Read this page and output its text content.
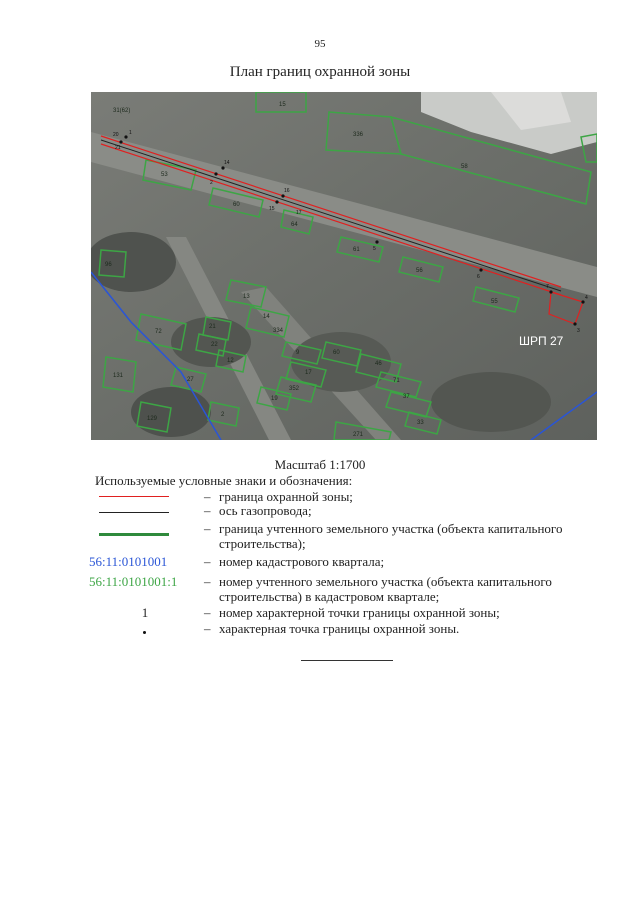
95
План границ охранной зоны
20
21
1
2
14
15
16
17
5
6
7
4
3
31(62)
15
336
58
53
60
64
61
56
55
96
13
14
334
22
21
12
72
131
27
19
2
129
9
17
352
60
46
71
37
271
33
ШРП 27
Масштаб 1:1700
Используемые условные знаки и обозначения:
– граница охранной зоны;
– ось газопровода;
– граница учтенного земельного участка (объекта капитального строительства);
56:11:0101001	– номер кадастрового квартала;
56:11:0101001:1	– номер учтенного земельного участка (объекта капитального строительства) в кадастровом квартале;
1	– номер характерной точки границы охранной зоны;
– характерная точка границы охранной зоны.
